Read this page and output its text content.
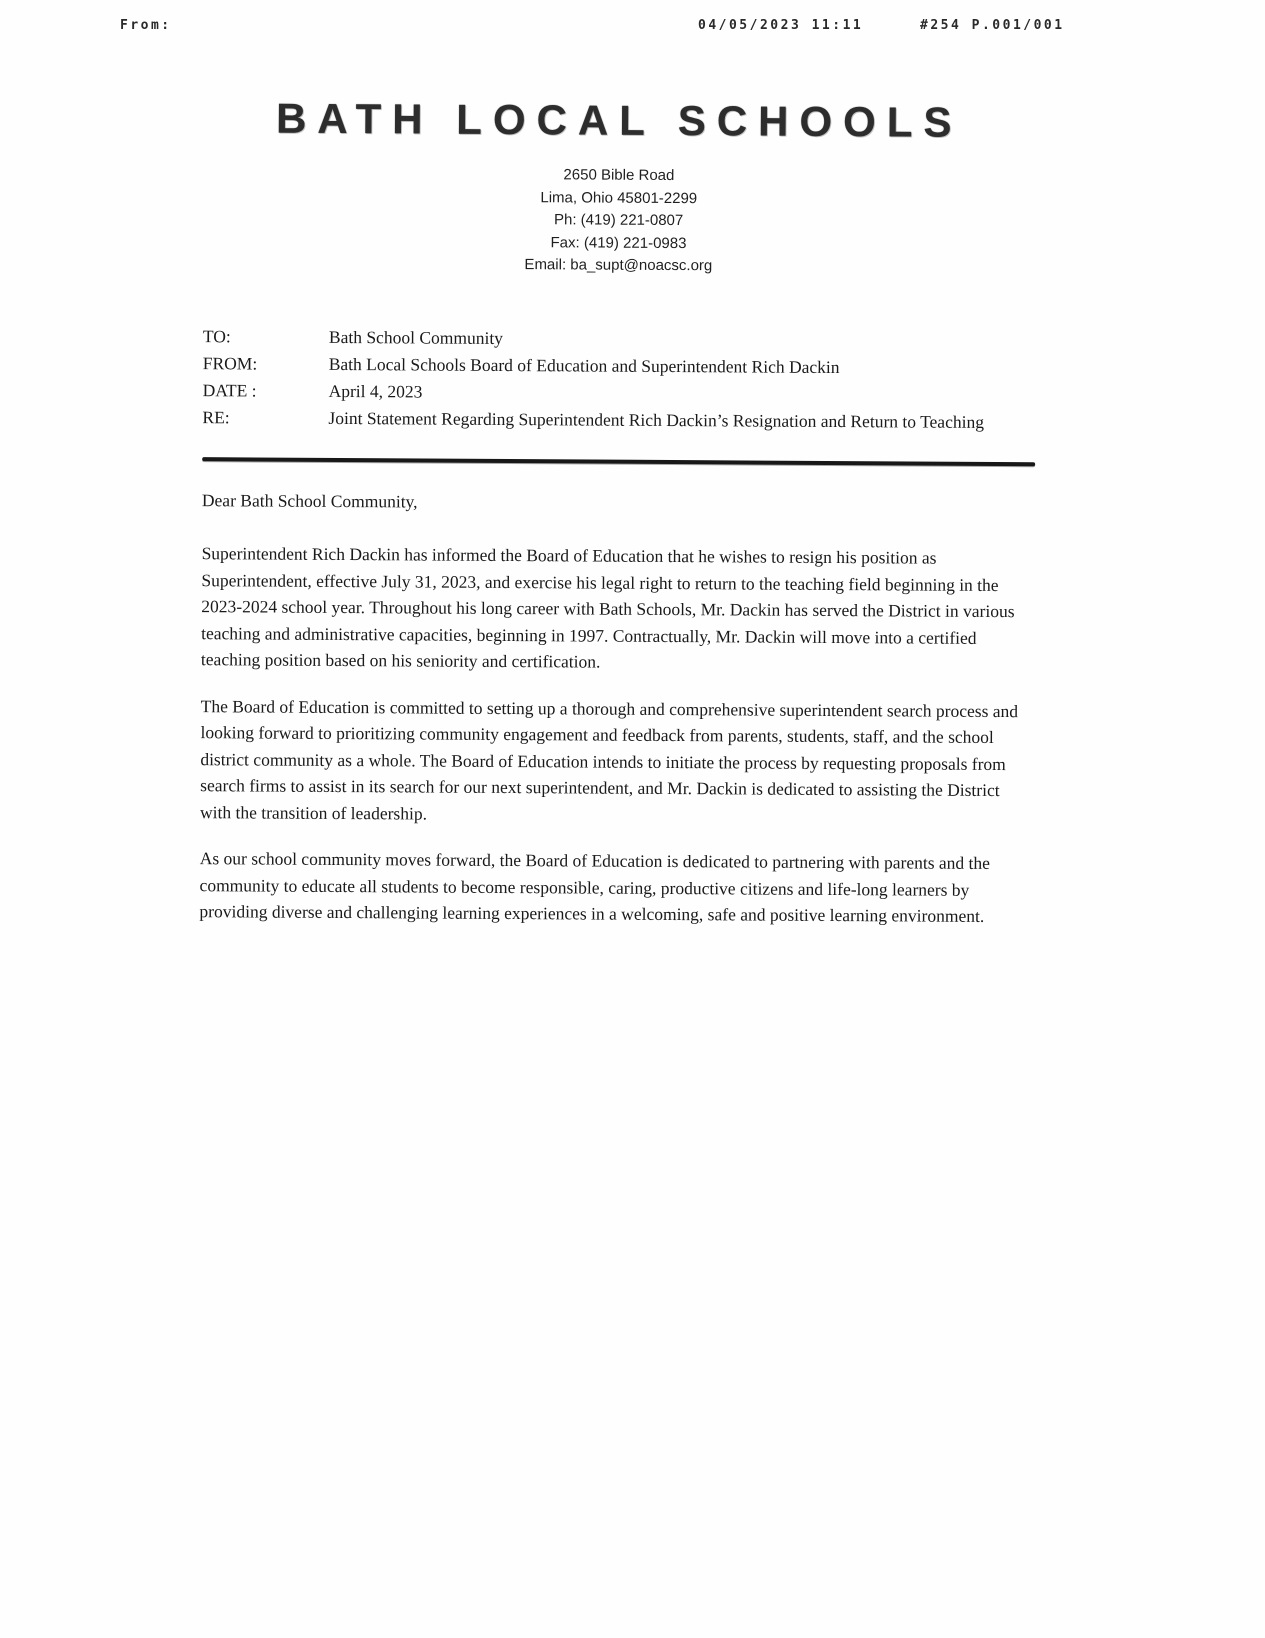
From:	04/05/2023 11:11	#254 P.001/001
BATH LOCAL SCHOOLS
2650 Bible Road
Lima, Ohio 45801-2299
Ph: (419) 221-0807
Fax: (419) 221-0983
Email: ba_supt@noacsc.org
TO:	Bath School Community
FROM:	Bath Local Schools Board of Education and Superintendent Rich Dackin
DATE :	April 4, 2023
RE:	Joint Statement Regarding Superintendent Rich Dackin’s Resignation and Return to Teaching
Dear Bath School Community,

Superintendent Rich Dackin has informed the Board of Education that he wishes to resign his position as Superintendent, effective July 31, 2023, and exercise his legal right to return to the teaching field beginning in the 2023-2024 school year. Throughout his long career with Bath Schools, Mr. Dackin has served the District in various teaching and administrative capacities, beginning in 1997. Contractually, Mr. Dackin will move into a certified teaching position based on his seniority and certification.

The Board of Education is committed to setting up a thorough and comprehensive superintendent search process and looking forward to prioritizing community engagement and feedback from parents, students, staff, and the school district community as a whole. The Board of Education intends to initiate the process by requesting proposals from search firms to assist in its search for our next superintendent, and Mr. Dackin is dedicated to assisting the District with the transition of leadership.

As our school community moves forward, the Board of Education is dedicated to partnering with parents and the community to educate all students to become responsible, caring, productive citizens and life-long learners by providing diverse and challenging learning experiences in a welcoming, safe and positive learning environment.
